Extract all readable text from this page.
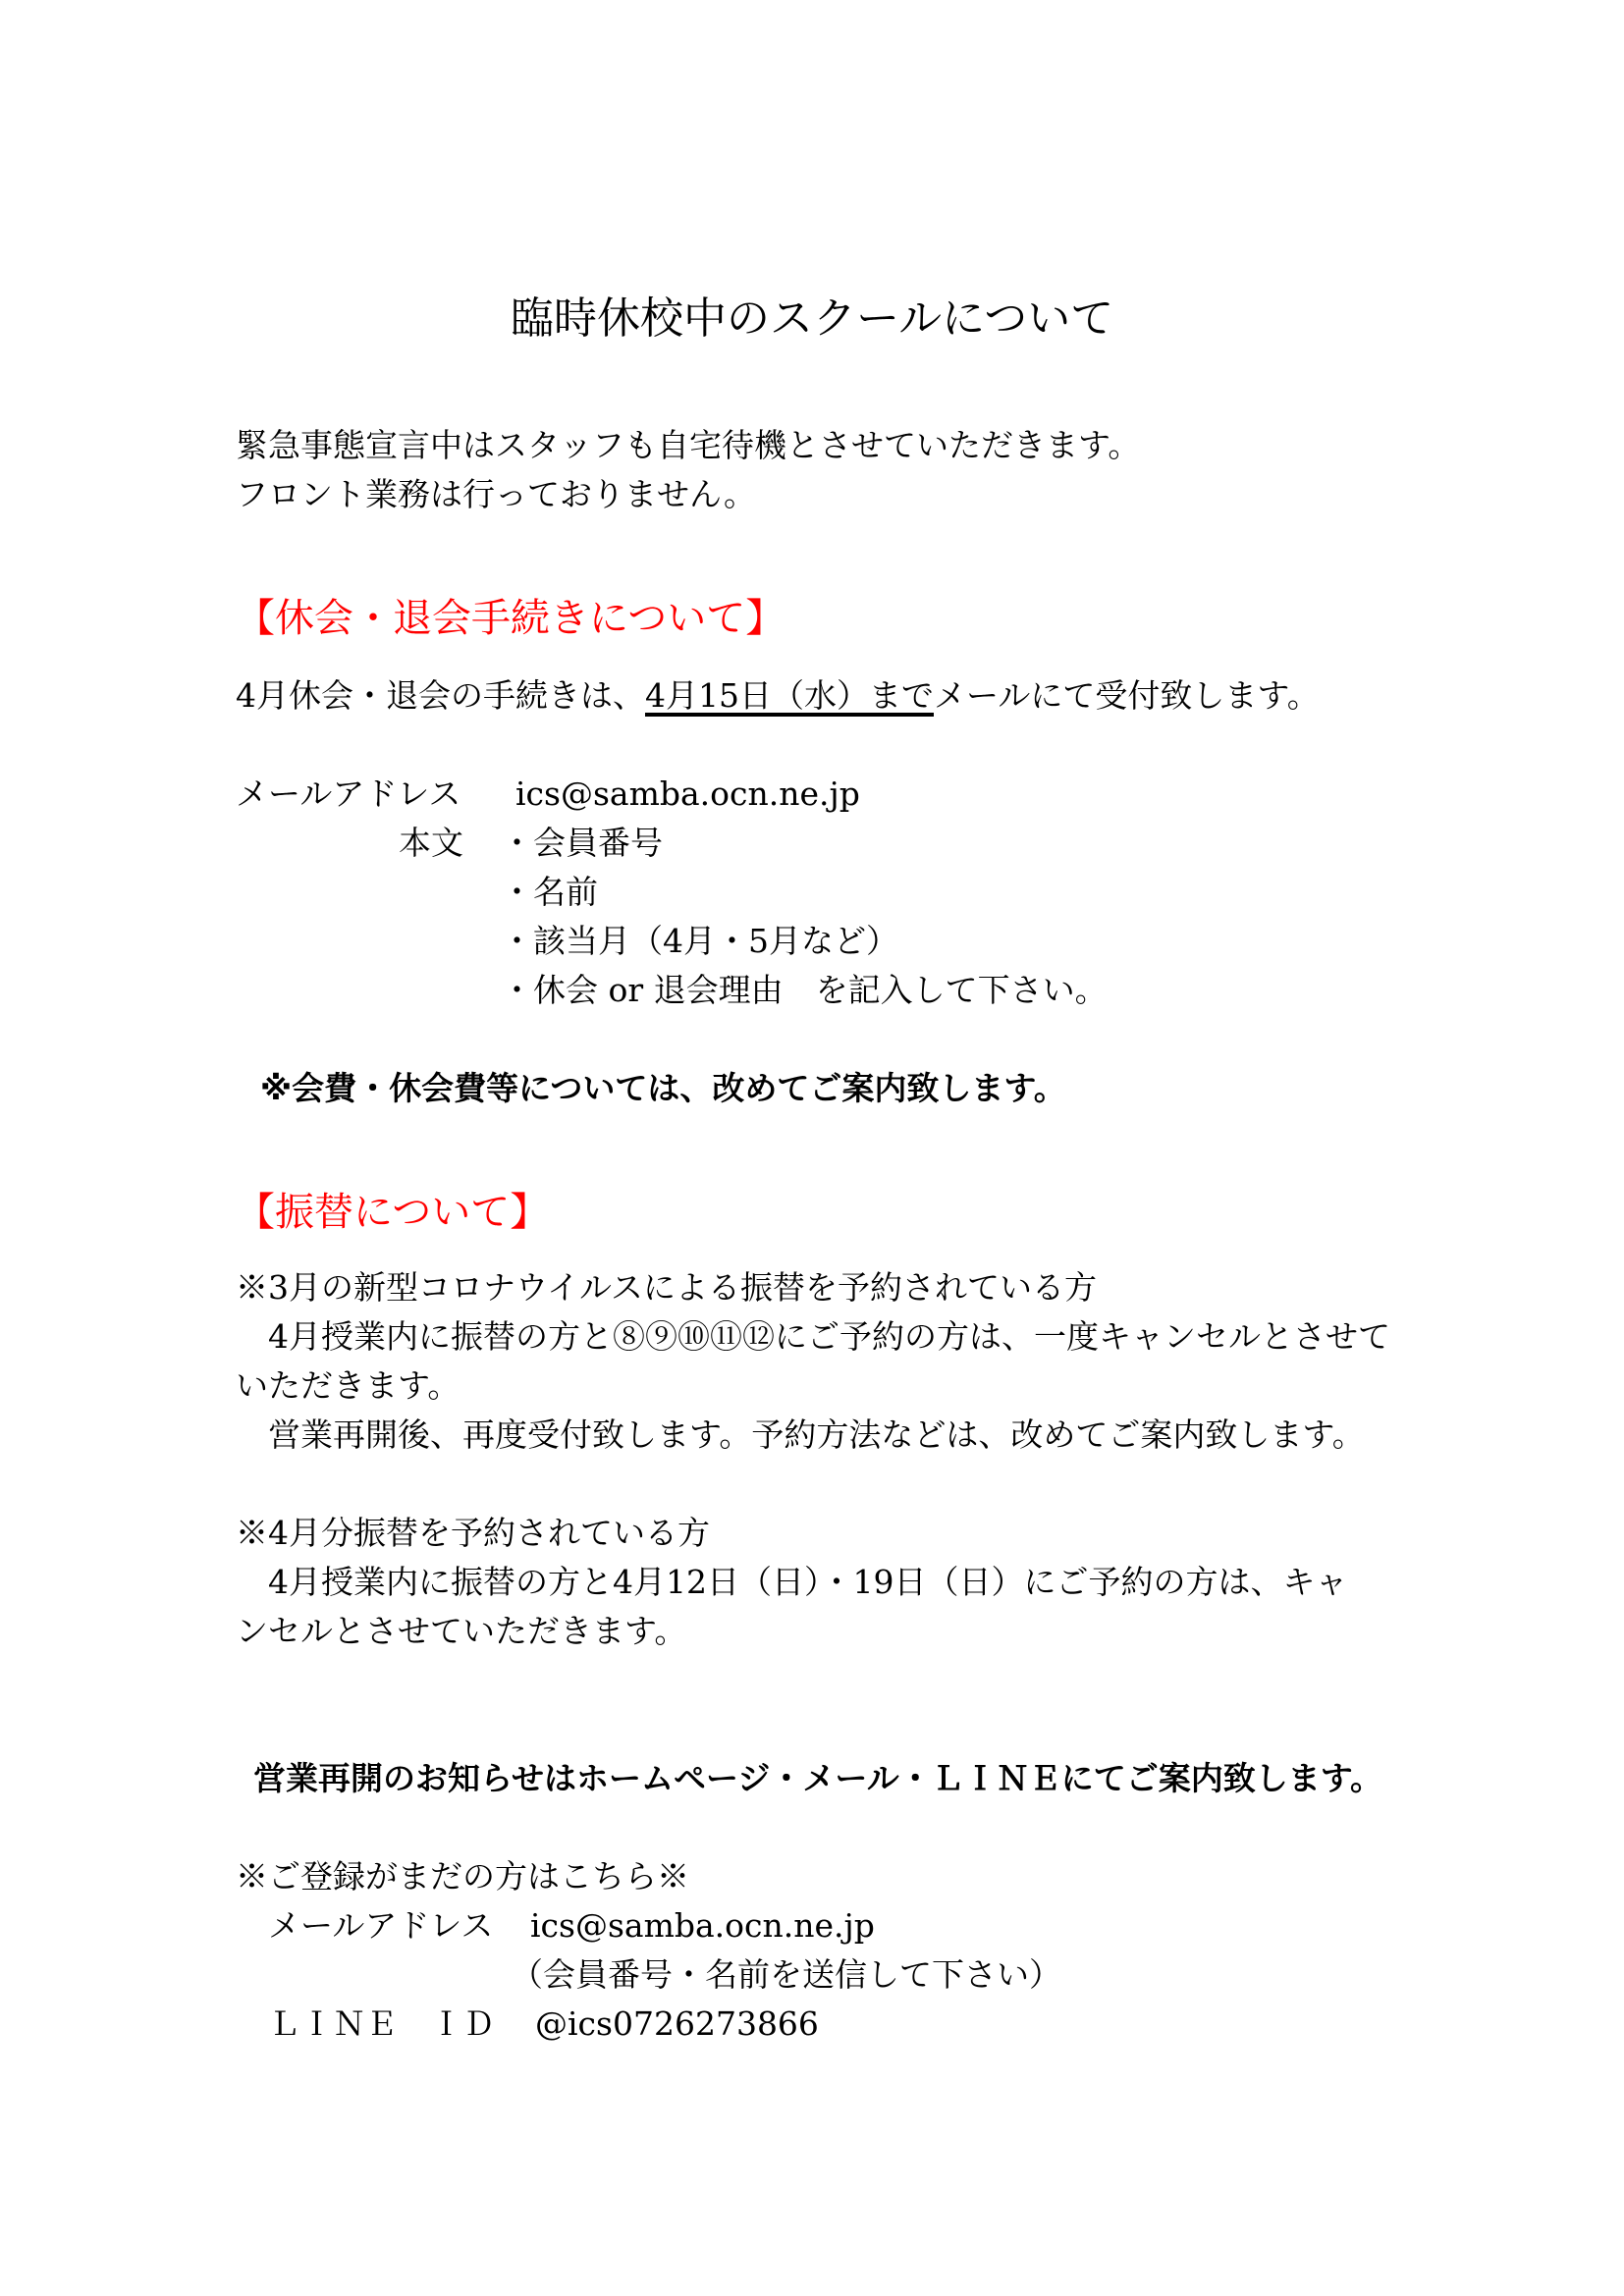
臨時休校中のスクールについて
緊急事態宣言中はスタッフも自宅待機とさせていただきます。
フロント業務は行っておりません。
【休会・退会手続きについて】
4月休会・退会の手続きは、4月15日（水）までメールにて受付致します。
メールアドレス ics@samba.ocn.ne.jp
本文 ・会員番号
・名前
・該当月（4月・5月など）
・休会 or 退会理由　を記入して下さい。
※会費・休会費等については、改めてご案内致します。
【振替について】
※3月の新型コロナウイルスによる振替を予約されている方
4月授業内に振替の方と⑧⑨⑩⑪⑫にご予約の方は、一度キャンセルとさせて
いただきます。
営業再開後、再度受付致します。予約方法などは、改めてご案内致します。
※4月分振替を予約されている方
4月授業内に振替の方と4月12日（日）・19日（日）にご予約の方は、キャ
ンセルとさせていただきます。
営業再開のお知らせはホームページ・メール・ＬＩＮＥにてご案内致します。
※ご登録がまだの方はこちら※
メールアドレス ics@samba.ocn.ne.jp
（会員番号・名前を送信して下さい）
ＬＩＮＥ　ＩＤ @ics0726273866
